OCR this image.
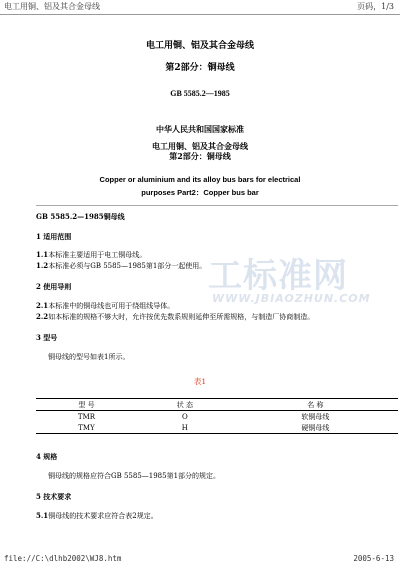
电工用铜、铝及其合金母线	页码，1/3
工标准网
WWW.JBIAOZHUN.COM
电工用铜、铝及其合金母线
第2部分：铜母线
GB 5585.2—1985
中华人民共和国国家标准
电工用铜、铝及其合金母线
第2部分：铜母线
Copper or aluminium and its alloy bus bars for electrical
purposes Part2：Copper bus bar
GB 5585.2—1985铜母线
1 适用范围
1.1 本标准主要适用于电工铜母线。
1.2 本标准必须与GB 5585—1985第1部分一起使用。
2 使用导则
2.1 本标准中的铜母线也可用于绕组线导体。
2.2 如本标准的规格不够大时，允许按优先数系规则延伸至所需规格，与制造厂协商制造。
3 型号
铜母线的型号如表1所示。
表1
型 号	状 态	名 称
TMR	O	软铜母线
TMY	H	硬铜母线
4 规格
铜母线的规格应符合GB 5585—1985第1部分的规定。
5 技术要求
5.1 铜母线的技术要求应符合表2规定。
file://C:\dlhb2002\WJ8.htm	2005-6-13
